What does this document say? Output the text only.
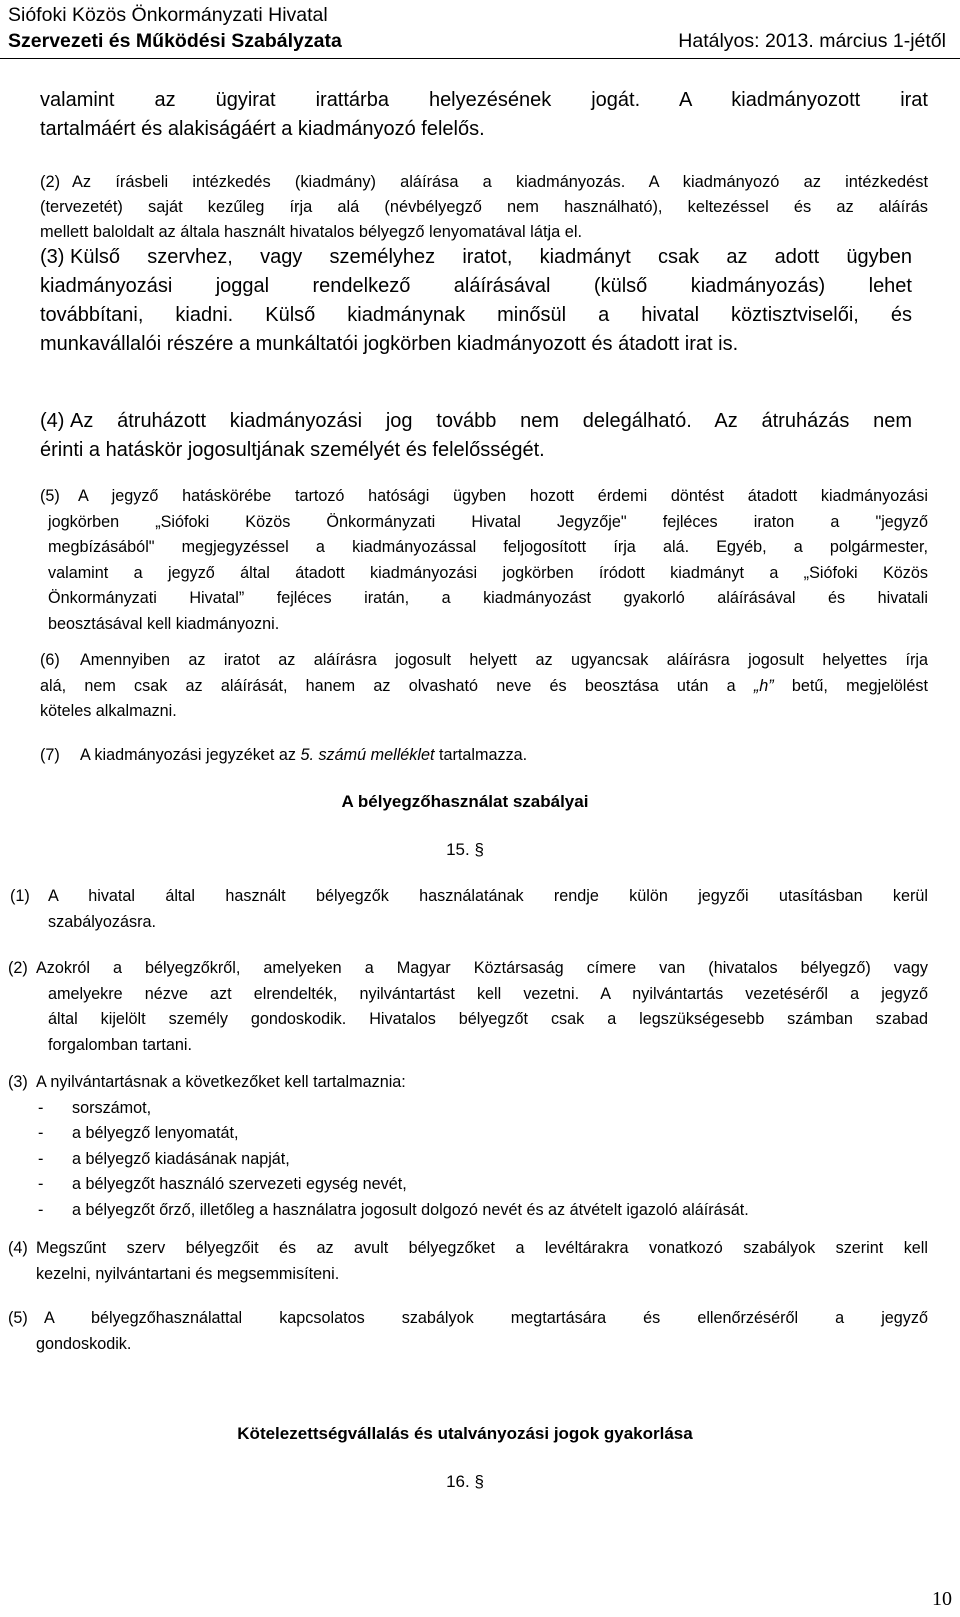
Siófoki Közös Önkormányzati Hivatal
Szervezeti és Működési Szabályzata	Hatályos: 2013. március 1-jétől
valamint az ügyirat irattárba helyezésének jogát. A kiadmányozott irat
tartalmáért és alakiságáért a kiadmányozó felelős.
(2) Az írásbeli intézkedés (kiadmány) aláírása a kiadmányozás. A kiadmányozó az intézkedést
(tervezetét) saját kezűleg írja alá (névbélyegző nem használható), keltezéssel és az aláírás
mellett baloldalt az általa használt hivatalos bélyegző lenyomatával látja el.
(3) Külső szervhez, vagy személyhez iratot, kiadmányt csak az adott ügyben
kiadmányozási joggal rendelkező aláírásával (külső kiadmányozás) lehet
továbbítani, kiadni. Külső kiadmánynak minősül a hivatal köztisztviselői, és
munkavállalói részére a munkáltatói jogkörben kiadmányozott és átadott irat is.
(4) Az átruházott kiadmányozási jog tovább nem delegálható. Az átruházás nem
érinti a hatáskör jogosultjának személyét és felelősségét.
(5)	A jegyző hatáskörébe tartozó hatósági ügyben hozott érdemi döntést átadott kiadmányozási
jogkörben „Siófoki Közös Önkormányzati Hivatal Jegyzője" fejléces iraton a "jegyző
megbízásából" megjegyzéssel a kiadmányozással feljogosított írja alá. Egyéb, a polgármester,
valamint a jegyző által átadott kiadmányozási jogkörben íródott kiadmányt a „Siófoki Közös
Önkormányzati Hivatal” fejléces iratán, a kiadmányozást gyakorló aláírásával és hivatali
beosztásával kell kiadmányozni.
(6)	Amennyiben az iratot az aláírásra jogosult helyett az ugyancsak aláírásra jogosult helyettes írja
alá, nem csak az aláírását, hanem az olvasható neve és beosztása után a „h” betű, megjelölést
köteles alkalmazni.
(7)	A kiadmányozási jegyzéket az 5. számú melléklet tartalmazza.
A bélyegzőhasználat szabályai
15. §
(1)	A hivatal által használt bélyegzők használatának rendje külön jegyzői utasításban kerül
szabályozásra.
(2) Azokról a bélyegzőkről, amelyeken a Magyar Köztársaság címere van (hivatalos bélyegző) vagy
amelyekre nézve azt elrendelték, nyilvántartást kell vezetni. A nyilvántartás vezetéséről a jegyző
által kijelölt személy gondoskodik. Hivatalos bélyegzőt csak a legszükségesebb számban szabad
forgalomban tartani.
(3) A nyilvántartásnak a következőket kell tartalmaznia:
-	sorszámot,
-	a bélyegző lenyomatát,
-	a bélyegző kiadásának napját,
-	a bélyegzőt használó szervezeti egység nevét,
-	a bélyegzőt őrző, illetőleg a használatra jogosult dolgozó nevét és az átvételt igazoló aláírását.
(4) Megszűnt szerv bélyegzőit és az avult bélyegzőket a levéltárakra vonatkozó szabályok szerint kell
kezelni, nyilvántartani és megsemmisíteni.
(5)	A bélyegzőhasználattal kapcsolatos szabályok megtartására és ellenőrzéséről a jegyző
gondoskodik.
Kötelezettségvállalás és utalványozási jogok gyakorlása
16. §
10
